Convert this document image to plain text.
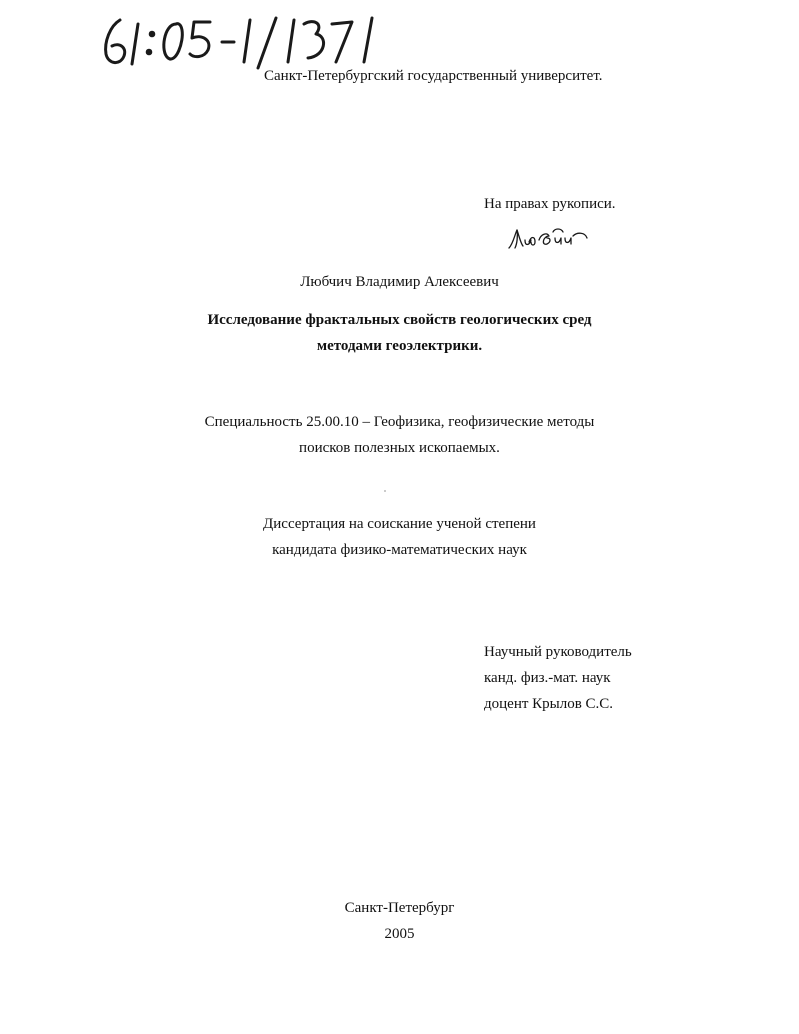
Санкт-Петербургский государственный университет.
На правах рукописи.
Любчич Владимир Алексеевич
Исследование фрактальных свойств геологических сред
методами геоэлектрики.
Специальность 25.00.10 – Геофизика, геофизические методы
поисков полезных ископаемых.
Диссертация на соискание ученой степени
кандидата физико-математических наук
Научный руководитель
канд. физ.-мат. наук
доцент Крылов С.С.
Санкт-Петербург
2005
